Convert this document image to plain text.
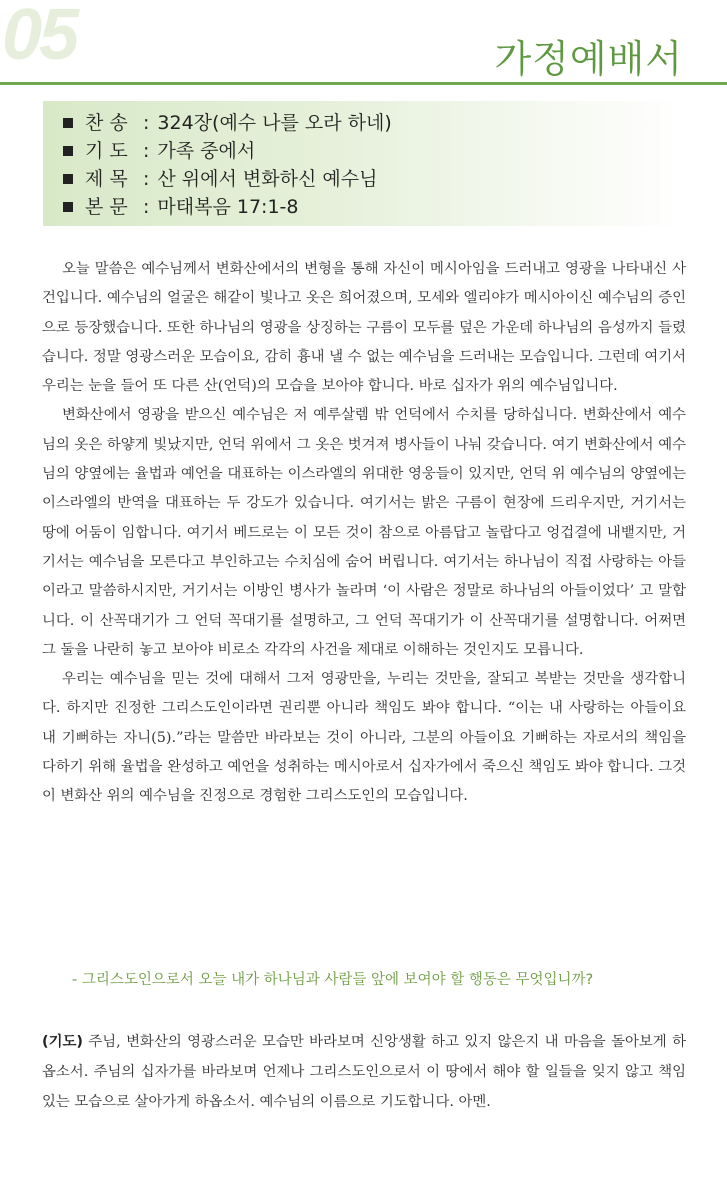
05	가정예배서
찬 송 : 324장(예수 나를 오라 하네)
기 도 : 가족 중에서
제 목 : 산 위에서 변화하신 예수님
본 문 : 마태복음 17:1-8

오늘 말씀은 예수님께서 변화산에서의 변형을 통해 자신이 메시아임을 드러내고 영광을 나타내신 사건입니다. 예수님의 얼굴은 해같이 빛나고 옷은 희어졌으며, 모세와 엘리야가 메시아이신 예수님의 증인으로 등장했습니다. 또한 하나님의 영광을 상징하는 구름이 모두를 덮은 가운데 하나님의 음성까지 들렸습니다. 정말 영광스러운 모습이요, 감히 흉내 낼 수 없는 예수님을 드러내는 모습입니다. 그런데 여기서 우리는 눈을 들어 또 다른 산(언덕)의 모습을 보아야 합니다. 바로 십자가 위의 예수님입니다.

변화산에서 영광을 받으신 예수님은 저 예루살렘 밖 언덕에서 수치를 당하십니다. 변화산에서 예수님의 옷은 하얗게 빛났지만, 언덕 위에서 그 옷은 벗겨져 병사들이 나눠 갖습니다. 여기 변화산에서 예수님의 양옆에는 율법과 예언을 대표하는 이스라엘의 위대한 영웅들이 있지만, 언덕 위 예수님의 양옆에는 이스라엘의 반역을 대표하는 두 강도가 있습니다. 여기서는 밝은 구름이 현장에 드리우지만, 거기서는 땅에 어둠이 임합니다. 여기서 베드로는 이 모든 것이 참으로 아름답고 놀랍다고 엉겁결에 내뱉지만, 거기서는 예수님을 모른다고 부인하고는 수치심에 숨어 버립니다. 여기서는 하나님이 직접 사랑하는 아들이라고 말씀하시지만, 거기서는 이방인 병사가 놀라며 ‘이 사람은 정말로 하나님의 아들이었다’ 고 말합니다. 이 산꼭대기가 그 언덕 꼭대기를 설명하고, 그 언덕 꼭대기가 이 산꼭대기를 설명합니다. 어쩌면 그 둘을 나란히 놓고 보아야 비로소 각각의 사건을 제대로 이해하는 것인지도 모릅니다.

우리는 예수님을 믿는 것에 대해서 그저 영광만을, 누리는 것만을, 잘되고 복받는 것만을 생각합니다. 하지만 진정한 그리스도인이라면 권리뿐 아니라 책임도 봐야 합니다. “이는 내 사랑하는 아들이요 내 기뻐하는 자니(5).”라는 말씀만 바라보는 것이 아니라, 그분의 아들이요 기뻐하는 자로서의 책임을 다하기 위해 율법을 완성하고 예언을 성취하는 메시아로서 십자가에서 죽으신 책임도 봐야 합니다. 그것이 변화산 위의 예수님을 진정으로 경험한 그리스도인의 모습입니다.

- 그리스도인으로서 오늘 내가 하나님과 사람들 앞에 보여야 할 행동은 무엇입니까?
(기도) 주님, 변화산의 영광스러운 모습만 바라보며 신앙생활 하고 있지 않은지 내 마음을 돌아보게 하옵소서. 주님의 십자가를 바라보며 언제나 그리스도인으로서 이 땅에서 해야 할 일들을 잊지 않고 책임 있는 모습으로 살아가게 하옵소서. 예수님의 이름으로 기도합니다. 아멘.
